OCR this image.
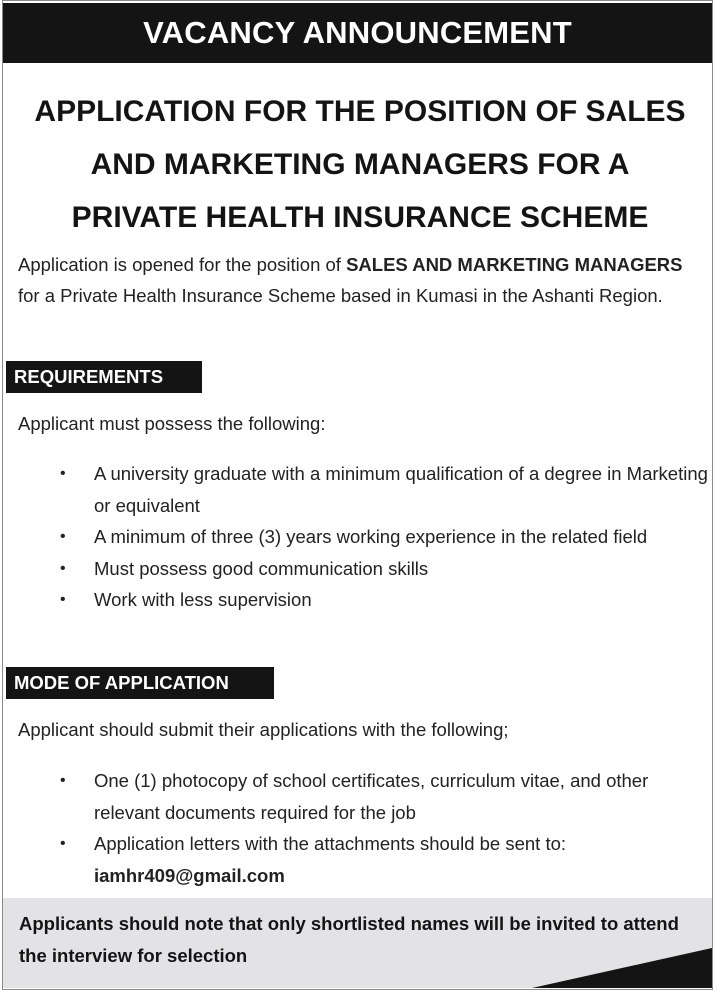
VACANCY ANNOUNCEMENT
APPLICATION FOR THE POSITION OF SALES
AND MARKETING MANAGERS FOR A
PRIVATE HEALTH INSURANCE SCHEME
Application is opened for the position of SALES AND MARKETING MANAGERS for a Private Health Insurance Scheme based in Kumasi in the Ashanti Region.
REQUIREMENTS
Applicant must possess the following:
• A university graduate with a minimum qualification of a degree in Marketing or equivalent
• A minimum of three (3) years working experience in the related field
• Must possess good communication skills
• Work with less supervision
MODE OF APPLICATION
Applicant should submit their applications with the following;
• One (1) photocopy of school certificates, curriculum vitae, and other relevant documents required for the job
• Application letters with the attachments should be sent to:
iamhr409@gmail.com
Applicants should note that only shortlisted names will be invited to attend the interview for selection
